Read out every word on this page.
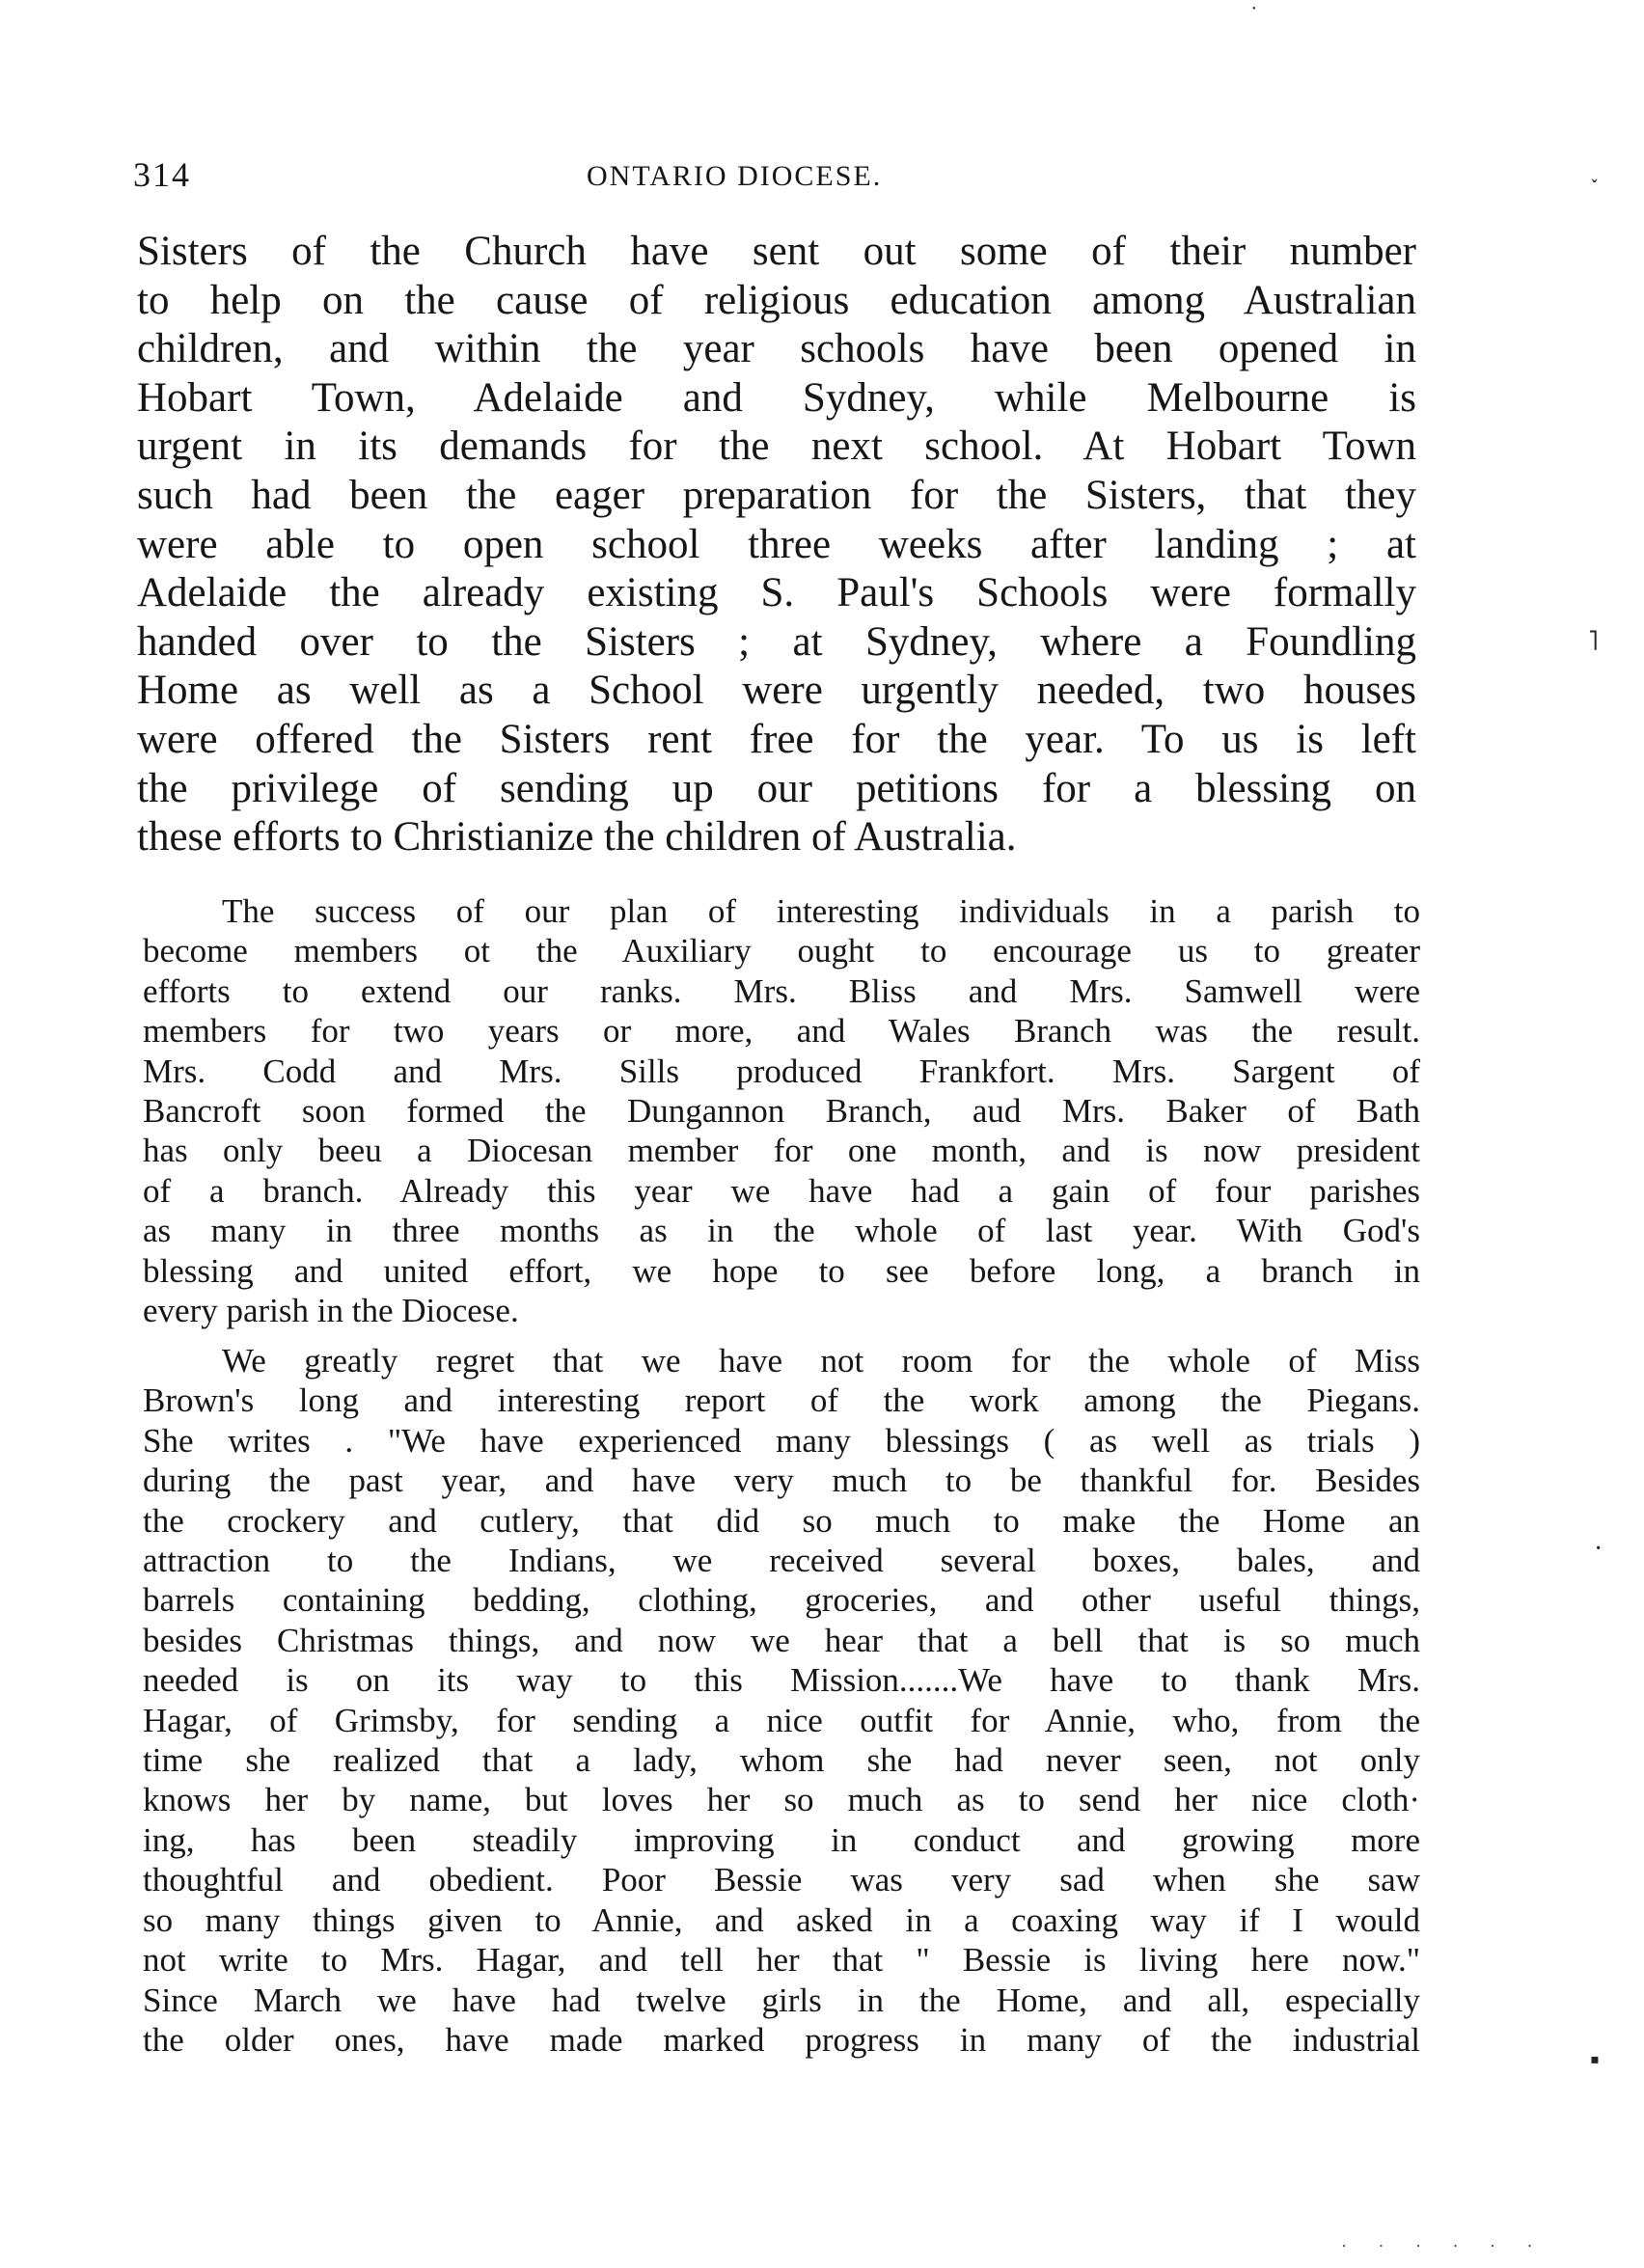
314	ONTARIO DIOCESE.
Sisters of the Church have sent out some of their number
to help on the cause of religious education among Australian
children, and within the year schools have been opened in
Hobart Town, Adelaide and Sydney, while Melbourne is
urgent in its demands for the next school. At Hobart Town
such had been the eager preparation for the Sisters, that they
were able to open school three weeks after landing ; at
Adelaide the already existing S. Paul's Schools were formally
handed over to the Sisters ; at Sydney, where a Foundling
Home as well as a School were urgently needed, two houses
were offered the Sisters rent free for the year. To us is left
the privilege of sending up our petitions for a blessing on
these efforts to Christianize the children of Australia.
The success of our plan of interesting individuals in a parish to
become members ot the Auxiliary ought to encourage us to greater
efforts to extend our ranks. Mrs. Bliss and Mrs. Samwell were
members for two years or more, and Wales Branch was the result.
Mrs. Codd and Mrs. Sills produced Frankfort. Mrs. Sargent of
Bancroft soon formed the Dungannon Branch, aud Mrs. Baker of Bath
has only beeu a Diocesan member for one month, and is now president
of a branch. Already this year we have had a gain of four parishes
as many in three months as in the whole of last year. With God's
blessing and united effort, we hope to see before long, a branch in
every parish in the Diocese.
We greatly regret that we have not room for the whole of Miss
Brown's long and interesting report of the work among the Piegans.
She writes . "We have experienced many blessings ( as well as trials )
during the past year, and have very much to be thankful for. Besides
the crockery and cutlery, that did so much to make the Home an
attraction to the Indians, we received several boxes, bales, and
barrels containing bedding, clothing, groceries, and other useful things,
besides Christmas things, and now we hear that a bell that is so much
needed is on its way to this Mission.......We have to thank Mrs.
Hagar, of Grimsby, for sending a nice outfit for Annie, who, from the
time she realized that a lady, whom she had never seen, not only
knows her by name, but loves her so much as to send her nice cloth·
ing, has been steadily improving in conduct and growing more
thoughtful and obedient. Poor Bessie was very sad when she saw
so many things given to Annie, and asked in a coaxing way if I would
not write to Mrs. Hagar, and tell her that " Bessie is living here now."
Since March we have had twelve girls in the Home, and all, especially
the older ones, have made marked progress in many of the industrial
•
˯
˥
·
▪
· · · · · ·
